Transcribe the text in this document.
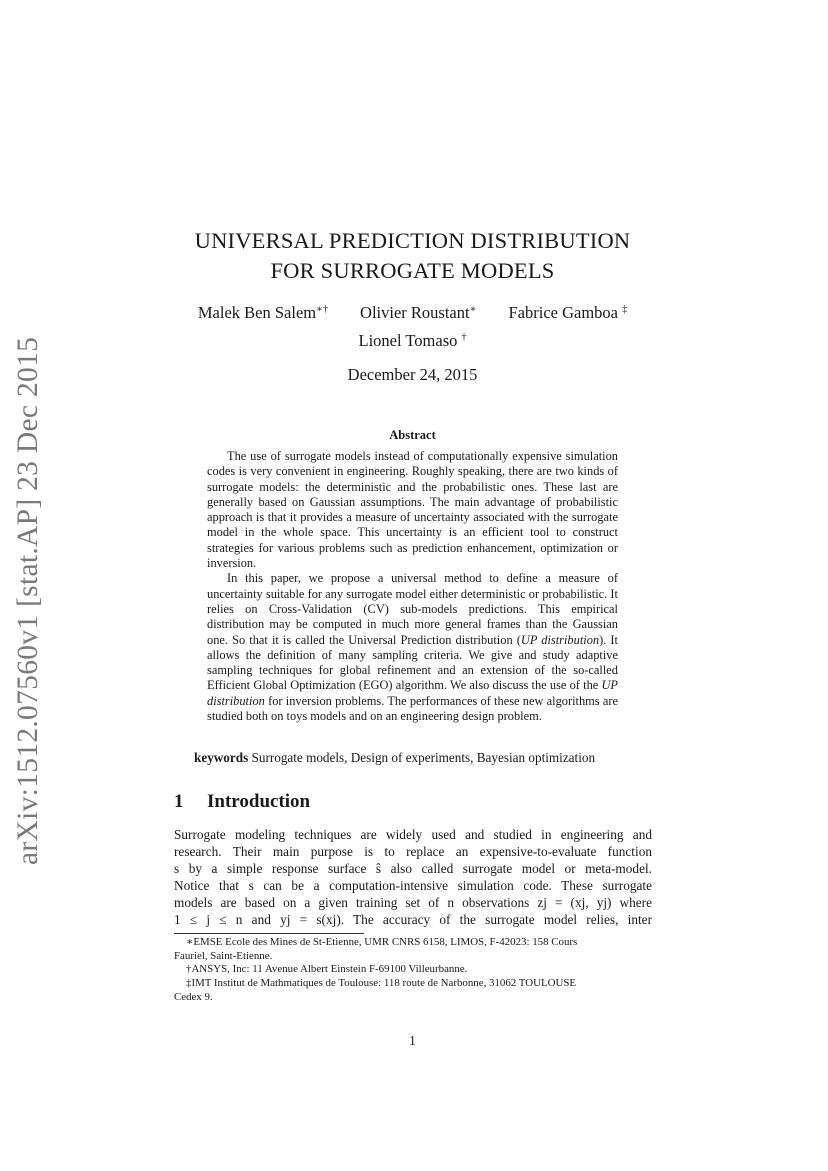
arXiv:1512.07560v1 [stat.AP] 23 Dec 2015
UNIVERSAL PREDICTION DISTRIBUTION
FOR SURROGATE MODELS
Malek Ben Salem∗† Olivier Roustant∗ Fabrice Gamboa ‡
Lionel Tomaso †
December 24, 2015
Abstract

The use of surrogate models instead of computationally expensive simulation codes is very convenient in engineering. Roughly speaking, there are two kinds of surrogate models: the deterministic and the probabilistic ones. These last are generally based on Gaussian assumptions. The main advantage of probabilistic approach is that it provides a measure of uncertainty associated with the surrogate model in the whole space. This uncertainty is an efficient tool to construct strategies for various problems such as prediction enhancement, optimization or inversion.

In this paper, we propose a universal method to define a measure of uncertainty suitable for any surrogate model either deterministic or probabilistic. It relies on Cross-Validation (CV) sub-models predictions. This empirical distribution may be computed in much more general frames than the Gaussian one. So that it is called the Universal Prediction distribution (UP distribution). It allows the definition of many sampling criteria. We give and study adaptive sampling techniques for global refinement and an extension of the so-called Efficient Global Optimization (EGO) algorithm. We also discuss the use of the UP distribution for inversion problems. The performances of these new algorithms are studied both on toys models and on an engineering design problem.

keywords Surrogate models, Design of experiments, Bayesian optimization
1 Introduction
Surrogate modeling techniques are widely used and studied in engineering and
research. Their main purpose is to replace an expensive-to-evaluate function
s by a simple response surface ŝ also called surrogate model or meta-model.
Notice that s can be a computation-intensive simulation code. These surrogate
models are based on a given training set of n observations zj = (xj, yj) where
1 ≤ j ≤ n and yj = s(xj). The accuracy of the surrogate model relies, inter
∗EMSE Ecole des Mines de St-Etienne, UMR CNRS 6158, LIMOS, F-42023: 158 Cours
Fauriel, Saint-Etienne.
†ANSYS, Inc: 11 Avenue Albert Einstein F-69100 Villeurbanne.
‡IMT Institut de Mathmatiques de Toulouse: 118 route de Narbonne, 31062 TOULOUSE
Cedex 9.
1
